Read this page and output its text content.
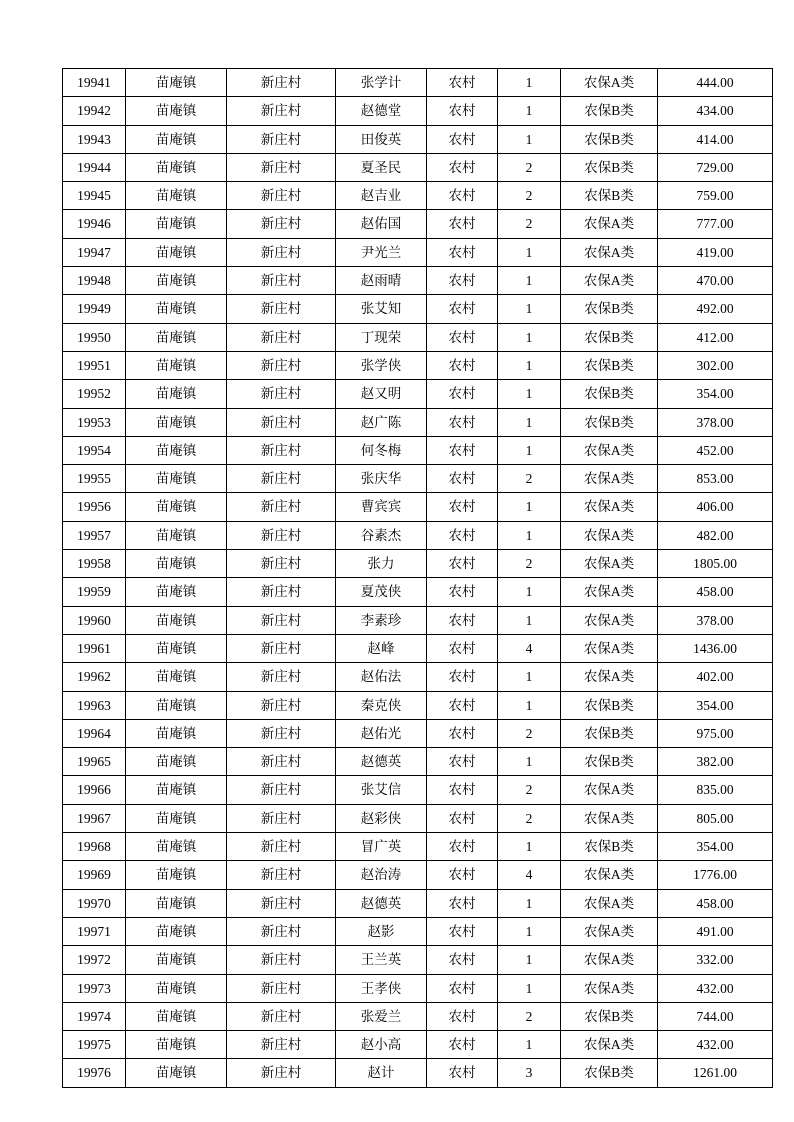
19941	苗庵镇	新庄村	张学计	农村	1	农保A类	444.00
19942	苗庵镇	新庄村	赵德堂	农村	1	农保B类	434.00
19943	苗庵镇	新庄村	田俊英	农村	1	农保B类	414.00
19944	苗庵镇	新庄村	夏圣民	农村	2	农保B类	729.00
19945	苗庵镇	新庄村	赵吉业	农村	2	农保B类	759.00
19946	苗庵镇	新庄村	赵佑国	农村	2	农保A类	777.00
19947	苗庵镇	新庄村	尹光兰	农村	1	农保A类	419.00
19948	苗庵镇	新庄村	赵雨晴	农村	1	农保A类	470.00
19949	苗庵镇	新庄村	张艾知	农村	1	农保B类	492.00
19950	苗庵镇	新庄村	丁现荣	农村	1	农保B类	412.00
19951	苗庵镇	新庄村	张学侠	农村	1	农保B类	302.00
19952	苗庵镇	新庄村	赵又明	农村	1	农保B类	354.00
19953	苗庵镇	新庄村	赵广陈	农村	1	农保B类	378.00
19954	苗庵镇	新庄村	何冬梅	农村	1	农保A类	452.00
19955	苗庵镇	新庄村	张庆华	农村	2	农保A类	853.00
19956	苗庵镇	新庄村	曹宾宾	农村	1	农保A类	406.00
19957	苗庵镇	新庄村	谷素杰	农村	1	农保A类	482.00
19958	苗庵镇	新庄村	张力	农村	2	农保A类	1805.00
19959	苗庵镇	新庄村	夏茂侠	农村	1	农保A类	458.00
19960	苗庵镇	新庄村	李素珍	农村	1	农保A类	378.00
19961	苗庵镇	新庄村	赵峰	农村	4	农保A类	1436.00
19962	苗庵镇	新庄村	赵佑法	农村	1	农保A类	402.00
19963	苗庵镇	新庄村	秦克侠	农村	1	农保B类	354.00
19964	苗庵镇	新庄村	赵佑光	农村	2	农保B类	975.00
19965	苗庵镇	新庄村	赵德英	农村	1	农保B类	382.00
19966	苗庵镇	新庄村	张艾信	农村	2	农保A类	835.00
19967	苗庵镇	新庄村	赵彩侠	农村	2	农保A类	805.00
19968	苗庵镇	新庄村	冒广英	农村	1	农保B类	354.00
19969	苗庵镇	新庄村	赵治涛	农村	4	农保A类	1776.00
19970	苗庵镇	新庄村	赵德英	农村	1	农保A类	458.00
19971	苗庵镇	新庄村	赵影	农村	1	农保A类	491.00
19972	苗庵镇	新庄村	王兰英	农村	1	农保A类	332.00
19973	苗庵镇	新庄村	王孝侠	农村	1	农保A类	432.00
19974	苗庵镇	新庄村	张爱兰	农村	2	农保B类	744.00
19975	苗庵镇	新庄村	赵小高	农村	1	农保A类	432.00
19976	苗庵镇	新庄村	赵计	农村	3	农保B类	1261.00
